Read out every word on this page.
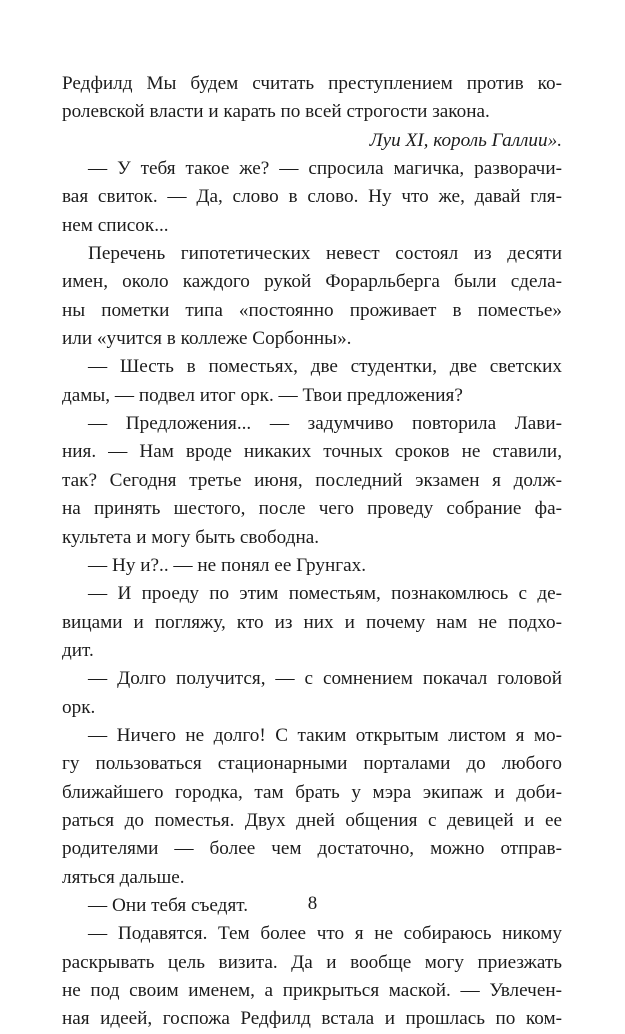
Редфилд Мы будем считать преступлением против ко-
ролевской власти и карать по всей строгости закона.
Луи XI, король Галлии».
— У тебя такое же? — спросила магичка, разворачи-
вая свиток. — Да, слово в слово. Ну что же, давай гля-
нем список...
Перечень гипотетических невест состоял из десяти
имен, около каждого рукой Форарльберга были сдела-
ны пометки типа «постоянно проживает в поместье»
или «учится в коллеже Сорбонны».
— Шесть в поместьях, две студентки, две светских
дамы, — подвел итог орк. — Твои предложения?
— Предложения... — задумчиво повторила Лави-
ния. — Нам вроде никаких точных сроков не ставили,
так? Сегодня третье июня, последний экзамен я долж-
на принять шестого, после чего проведу собрание фа-
культета и могу быть свободна.
— Ну и?.. — не понял ее Грунгах.
— И проеду по этим поместьям, познакомлюсь с де-
вицами и погляжу, кто из них и почему нам не подхо-
дит.
— Долго получится, — с сомнением покачал головой
орк.
— Ничего не долго! С таким открытым листом я мо-
гу пользоваться стационарными порталами до любого
ближайшего городка, там брать у мэра экипаж и доби-
раться до поместья. Двух дней общения с девицей и ее
родителями — более чем достаточно, можно отправ-
ляться дальше.
— Они тебя съедят.
— Подавятся. Тем более что я не собираюсь никому
раскрывать цель визита. Да и вообще могу приезжать
не под своим именем, а прикрыться маской. — Увлечен-
ная идеей, госпожа Редфилд встала и прошлась по ком-
8
